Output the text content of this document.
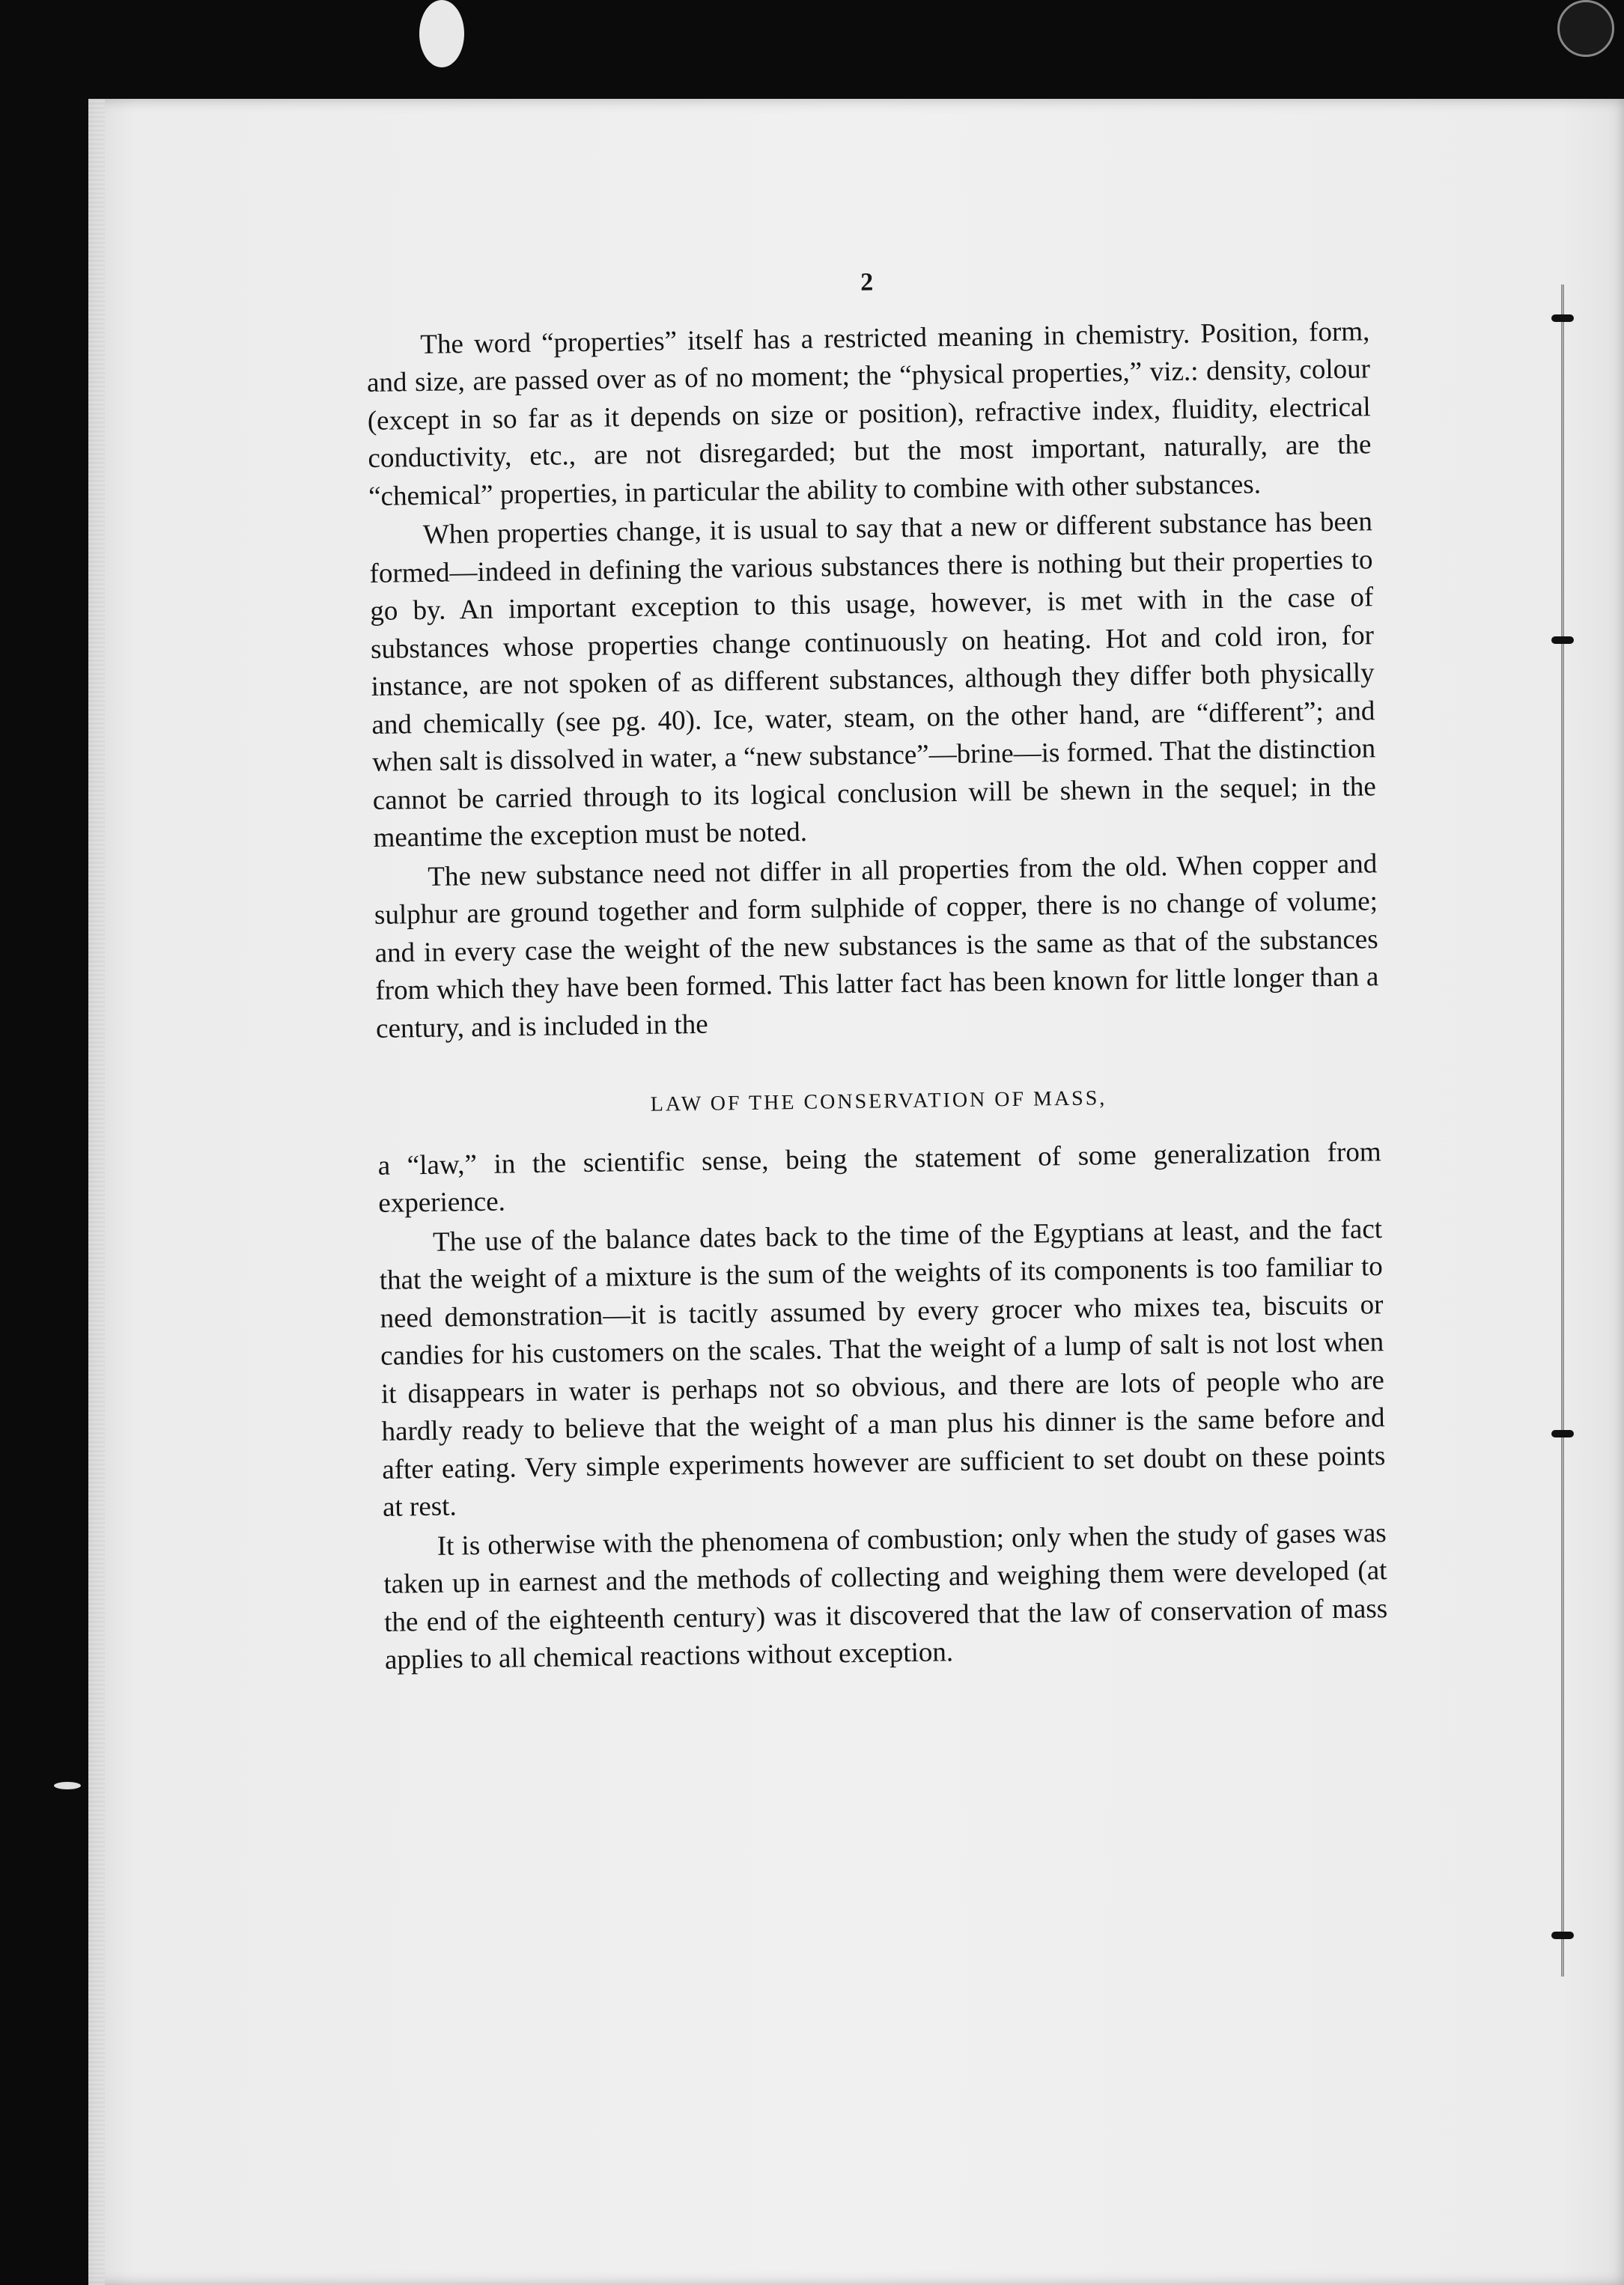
2

The word “properties” itself has a restricted meaning in chemistry. Position, form, and size, are passed over as of no moment; the “physical properties,” viz.: density, colour (except in so far as it depends on size or position), refractive index, fluidity, electrical conductivity, etc., are not disregarded; but the most important, naturally, are the “chemical” properties, in particular the ability to combine with other substances.

When properties change, it is usual to say that a new or different substance has been formed—indeed in defining the various substances there is nothing but their properties to go by. An important exception to this usage, however, is met with in the case of substances whose properties change continuously on heating. Hot and cold iron, for instance, are not spoken of as different substances, although they differ both physically and chemically (see pg. 40). Ice, water, steam, on the other hand, are “different”; and when salt is dissolved in water, a “new substance”—brine—is formed. That the distinction cannot be carried through to its logical conclusion will be shewn in the sequel; in the meantime the exception must be noted.

The new substance need not differ in all properties from the old. When copper and sulphur are ground together and form sulphide of copper, there is no change of volume; and in every case the weight of the new substances is the same as that of the substances from which they have been formed. This latter fact has been known for little longer than a century, and is included in the

LAW OF THE CONSERVATION OF MASS,

a “law,” in the scientific sense, being the statement of some generalization from experience.

The use of the balance dates back to the time of the Egyptians at least, and the fact that the weight of a mixture is the sum of the weights of its components is too familiar to need demonstration—it is tacitly assumed by every grocer who mixes tea, biscuits or candies for his customers on the scales. That the weight of a lump of salt is not lost when it disappears in water is perhaps not so obvious, and there are lots of people who are hardly ready to believe that the weight of a man plus his dinner is the same before and after eating. Very simple experiments however are sufficient to set doubt on these points at rest.

It is otherwise with the phenomena of combustion; only when the study of gases was taken up in earnest and the methods of collecting and weighing them were developed (at the end of the eighteenth century) was it discovered that the law of conservation of mass applies to all chemical reactions without exception.
